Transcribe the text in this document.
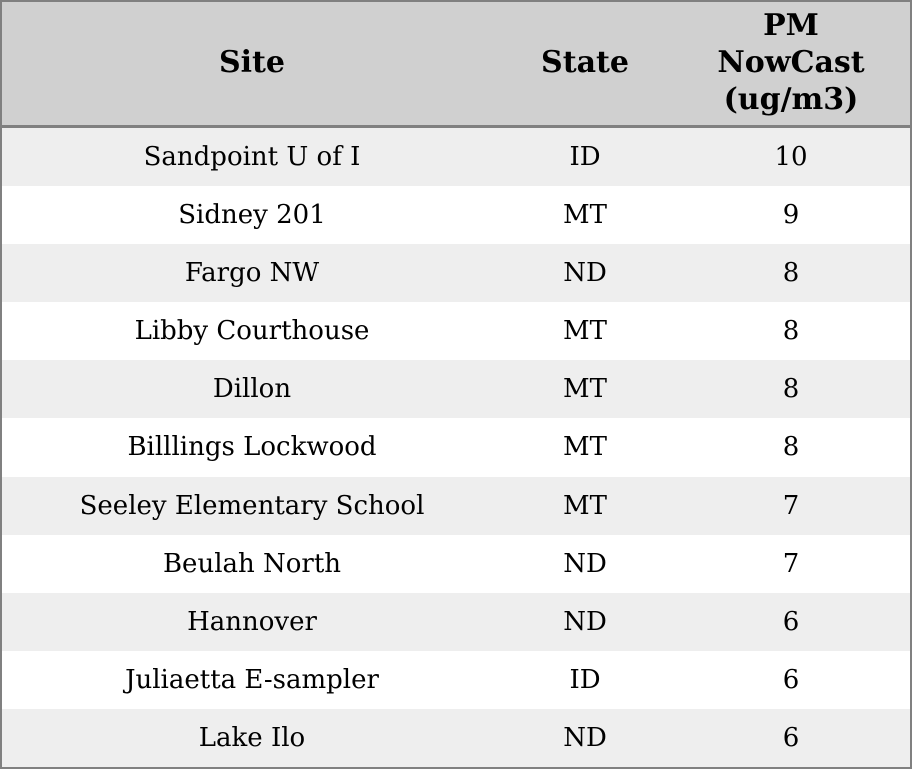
Site	State	PM
NowCast
(ug/m3)

Sandpoint U of I	ID	10
Sidney 201	MT	9
Fargo NW	ND	8
Libby Courthouse	MT	8
Dillon	MT	8
Billlings Lockwood	MT	8
Seeley Elementary School	MT	7
Beulah North	ND	7
Hannover	ND	6
Juliaetta E-sampler	ID	6
Lake Ilo	ND	6
